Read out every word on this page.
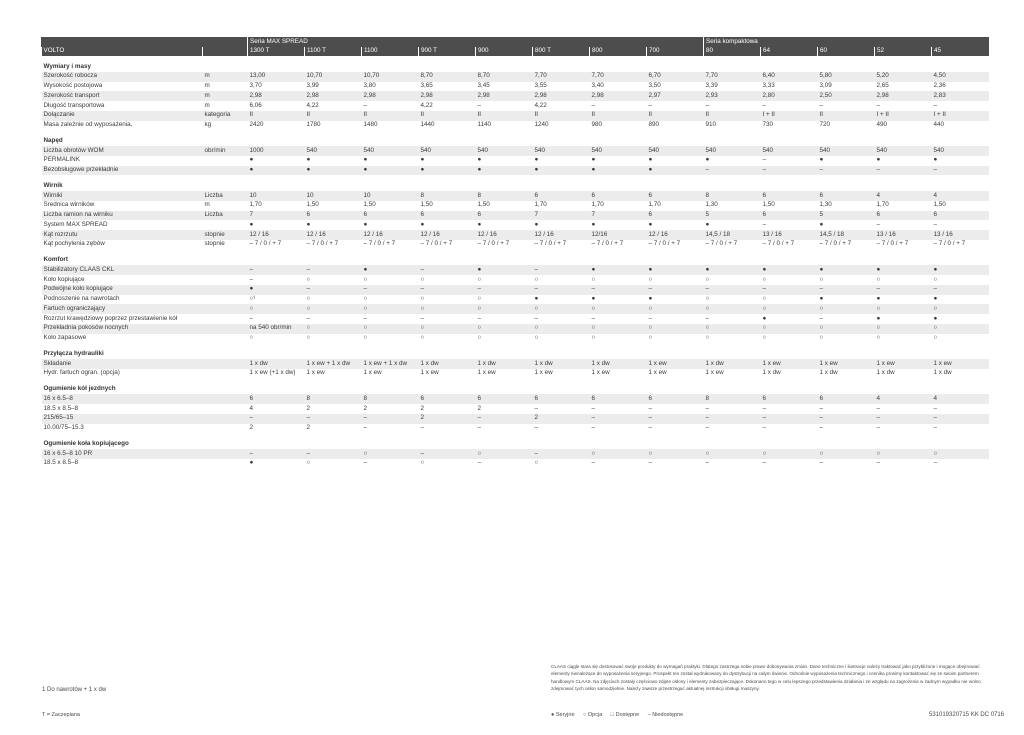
		Seria MAX SPREAD								Seria kompaktowa				
VOLTO		1300 T	1100 T	1100	900 T	900	800 T	800	700	80	64	60	52	45

Wymiary i masy														
Szerokość robocza	m	13,00	10,70	10,70	8,70	8,70	7,70	7,70	6,70	7,70	6,40	5,80	5,20	4,50
Wysokość postojowa	m	3,70	3,99	3,80	3,65	3,45	3,55	3,40	3,50	3,39	3,33	3,09	2,65	2,36
Szerokość transport	m	2,98	2,98	2,98	2,98	2,98	2,98	2,98	2,97	2,93	2,80	2,50	2,98	2,83
Długość transportowa	m	6,06	4,22	–	4,22	–	4,22	–	–	–	–	–	–	–
Dołączanie	kategoria	II	II	II	II	II	II	II	II	II	I + II	II	I + II	I + II
Masa zależnie od wyposażenia,	kg	2420	1780	1480	1440	1140	1240	980	890	910	730	720	490	440

Napęd														
Liczba obrotów WOM	obr/min	1000	540	540	540	540	540	540	540	540	540	540	540	540
PERMALINK		●	●	●	●	●	●	●	●	●	–	●	●	●
Bezobsługowe przekładnie		●	●	●	●	●	●	●	●	–	–	–	–	–

Wirnik														
Wirniki	Liczba	10	10	10	8	8	6	6	6	8	6	6	4	4
Średnica wirników	m	1,70	1,50	1,50	1,50	1,50	1,70	1,70	1,70	1,30	1,50	1,30	1,70	1,50
Liczba ramion na wirniku	Liczba	7	6	6	6	6	7	7	6	5	6	5	6	6
System MAX SPREAD		●	●	●	●	●	●	●	●	●	–	●	–	–
Kąt rozrzutu	stopnie	12 / 16	12 / 16	12 / 16	12 / 16	12 / 16	12 / 16	12/16	12 / 16	14,5 / 18	13 / 16	14,5 / 18	13 / 16	13 / 16
Kąt pochylenia zębów	stopnie	– 7 / 0 / + 7	– 7 / 0 / + 7	– 7 / 0 / + 7	– 7 / 0 / + 7	– 7 / 0 / + 7	– 7 / 0 / + 7	– 7 / 0 / + 7	– 7 / 0 / + 7	– 7 / 0 / + 7	– 7 / 0 / + 7	– 7 / 0 / + 7	– 7 / 0 / + 7	– 7 / 0 / + 7

Komfort														
Stabilizatory CLAAS CKL		–	–	●	–	●	–	●	●	●	●	●	●	●
Koło kopiujące		–	○	○	○	○	○	○	○	○	○	○	○	○
Podwójne koło kopiujące		●	–	–	–	–	–	–	–	–	–	–	–	–
Podnoszenie na nawrotach		○¹	○	○	○	○	●	●	●	○	○	●	●	●
Fartuch ograniczający		○	○	○	○	○	○	○	○	○	○	○	○	○
Rozrzut krawędziowy poprzez przestawienie kół		–	–	–	–	–	–	–	–	–	●	–	●	●
Przekładnia pokosów nocnych		na 540 obr/min	○	○	○	○	○	○	○	○	○	○	○	○
Koło zapasowe		○	○	○	○	○	○	○	○	○	○	○	○	○

Przyłącza hydrauliki														
Składanie		1 x dw	1 x ew + 1 x dw	1 x ew + 1 x dw	1 x dw	1 x dw	1 x dw	1 x dw	1 x ew	1 x dw	1 x ew	1 x ew	1 x ew	1 x ew
Hydr. fartuch ogran. (opcja)		1 x ew (+1 x dw)	1 x ew	1 x ew	1 x ew	1 x ew	1 x ew	1 x ew	1 x ew	1 x ew	1 x dw	1 x dw	1 x dw	1 x dw

Ogumienie kół jezdnych														
16 x 6.5–8		6	8	8	6	6	6	6	6	8	6	6	4	4
18.5 x 8.5–8		4	2	2	2	2	–	–	–	–	–	–	–	–
215/65–15		–	–	–	2	–	2	–	–	–	–	–	–	–
10.00/75–15.3		2	2	–	–	–	–	–	–	–	–	–	–	–

Ogumienie koła kopiującego														
16 x 6.5–8 10 PR		–	–	○	–	○	–	○	○	○	○	○	○	○
18.5 x 8.5–8		●	○	–	○	–	○	–	–	–	–	–	–	–
1 Do nawrotów + 1 x dw
T = Zaczepiana	● Seryjne ○ Opcja □ Dostępne – Niedostępne	531019320715 KK DC 0716
CLAAS ciągle stara się dostosować swoje produkty do wymagań praktyki. Dlatego zastrzega sobie prawo dokonywania zmian. Dane techniczne i ilustracje należy traktować jako przybliżone i mogące obejmować elementy nienależące do wyposażenia seryjnego. Prospekt ten został wydrukowany do dystrybucji na całym świecie. Odnośnie wyposażenia technicznego i cennika prosimy kontaktować się ze swoim partnerem handlowym CLAAS. Na zdjęciach zostały częściowo zdjęte osłony i elementy zabezpieczające. Dokonano tego w celu lepszego przedstawienia działania i ze względu na zagrożenia w żadnym wypadku nie wolno zdejmować tych osłon samodzielnie. Należy zawsze przestrzegać aktualnej instrukcji obsługi maszyny.
